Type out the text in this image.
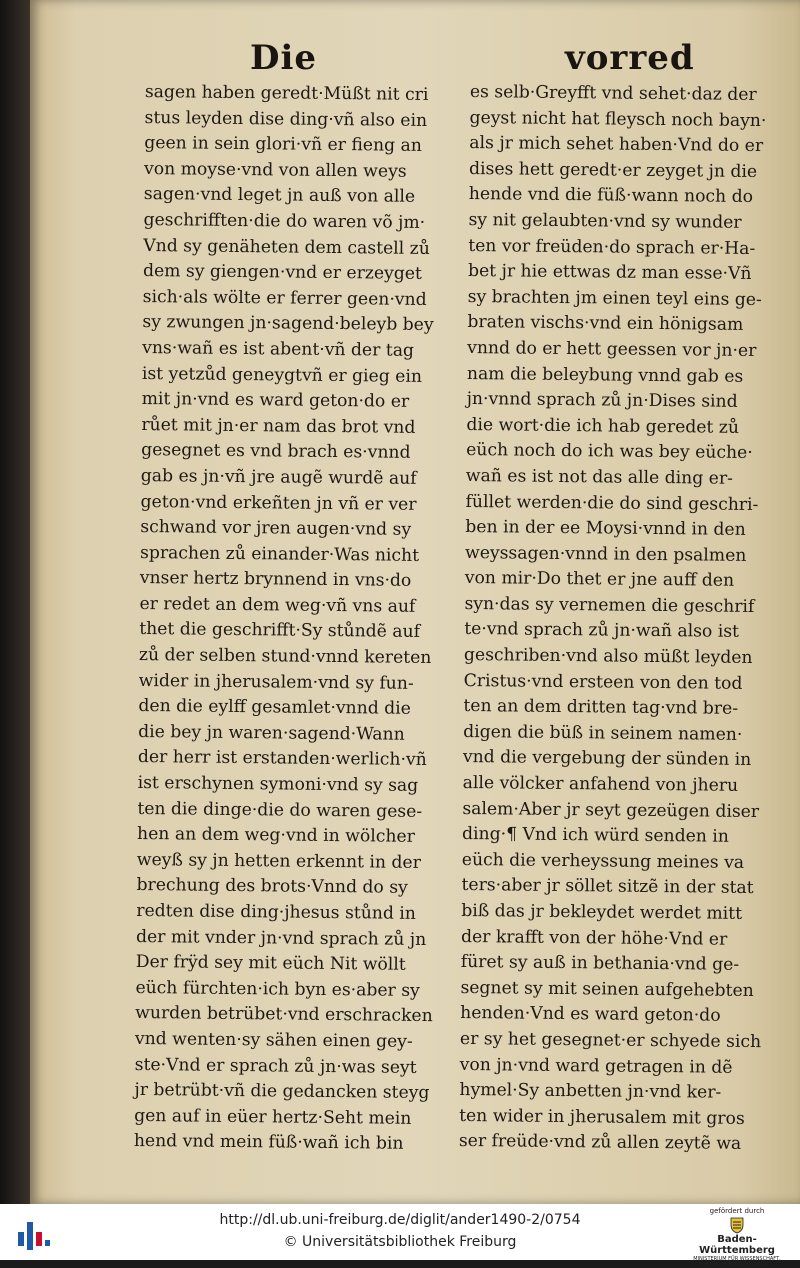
Die	vorred
sagen haben geredt·Müßt nit cri
stus leyden dise ding·vñ also ein
geen in sein glori·vñ er fieng an
von moyse·vnd von allen weys
sagen·vnd leget jn auß von alle
geschrifften·die do waren võ jm·
Vnd sy genäheten dem castell zů
dem sy giengen·vnd er erzeyget
sich·als wölte er ferrer geen·vnd
sy zwungen jn·sagend·beleyb bey
vns·wañ es ist abent·vñ der tag
ist yetzůd geneygtvñ er gieg ein
mit jn·vnd es ward geton·do er
růet mit jn·er nam das brot vnd
gesegnet es vnd brach es·vnnd
gab es jn·vñ jre augẽ wurdẽ auf
geton·vnd erkeñten jn vñ er ver
schwand vor jren augen·vnd sy
sprachen zů einander·Was nicht
vnser hertz brynnend in vns·do
er redet an dem weg·vñ vns auf
thet die geschrifft·Sy stůndẽ auf
zů der selben stund·vnnd kereten
wider in jherusalem·vnd sy fun-
den die eylff gesamlet·vnnd die
die bey jn waren·sagend·Wann
der herr ist erstanden·werlich·vñ
ist erschynen symoni·vnd sy sag
ten die dinge·die do waren gese-
hen an dem weg·vnd in wölcher
weyß sy jn hetten erkennt in der
brechung des brots·Vnnd do sy
redten dise ding·jhesus stůnd in
der mit vnder jn·vnd sprach zů jn
Der frÿd sey mit eüch Nit wöllt
eüch fürchten·ich byn es·aber sy
wurden betrübet·vnd erschracken
vnd wenten·sy sähen einen gey-
ste·Vnd er sprach zů jn·was seyt
jr betrübt·vñ die gedancken steyg
gen auf in eüer hertz·Seht mein
hend vnd mein füß·wañ ich bin
es selb·Greyfft vnd sehet·daz der
geyst nicht hat fleysch noch bayn·
als jr mich sehet haben·Vnd do er
dises hett geredt·er zeyget jn die
hende vnd die füß·wann noch do
sy nit gelaubten·vnd sy wunder
ten vor freüden·do sprach er·Ha-
bet jr hie ettwas dz man esse·Vñ
sy brachten jm einen teyl eins ge-
braten vischs·vnd ein hönigsam
vnnd do er hett geessen vor jn·er
nam die beleybung vnnd gab es
jn·vnnd sprach zů jn·Dises sind
die wort·die ich hab geredet zů
eüch noch do ich was bey eüche·
wañ es ist not das alle ding er-
füllet werden·die do sind geschri-
ben in der ee Moysi·vnnd in den
weyssagen·vnnd in den psalmen
von mir·Do thet er jne auff den
syn·das sy vernemen die geschrif
te·vnd sprach zů jn·wañ also ist
geschriben·vnd also müßt leyden
Cristus·vnd ersteen von den tod
ten an dem dritten tag·vnd bre-
digen die büß in seinem namen·
vnd die vergebung der sünden in
alle völcker anfahend von jheru
salem·Aber jr seyt gezeügen diser
ding·¶ Vnd ich würd senden in
eüch die verheyssung meines va
ters·aber jr söllet sitzẽ in der stat
biß das jr bekleydet werdet mitt
der krafft von der höhe·Vnd er
füret sy auß in bethania·vnd ge-
segnet sy mit seinen aufgehebten
henden·Vnd es ward geton·do
er sy het gesegnet·er schyede sich
von jn·vnd ward getragen in dẽ
hymel·Sy anbetten jn·vnd ker-
ten wider in jherusalem mit gros
ser freüde·vnd zů allen zeytẽ wa
http://dl.ub.uni-freiburg.de/diglit/ander1490-2/0754
© Universitätsbibliothek Freiburg
gefördert durch
Baden-Württemberg
MINISTERIUM FÜR WISSENSCHAFT, FORSCHUNG UND KUNST
